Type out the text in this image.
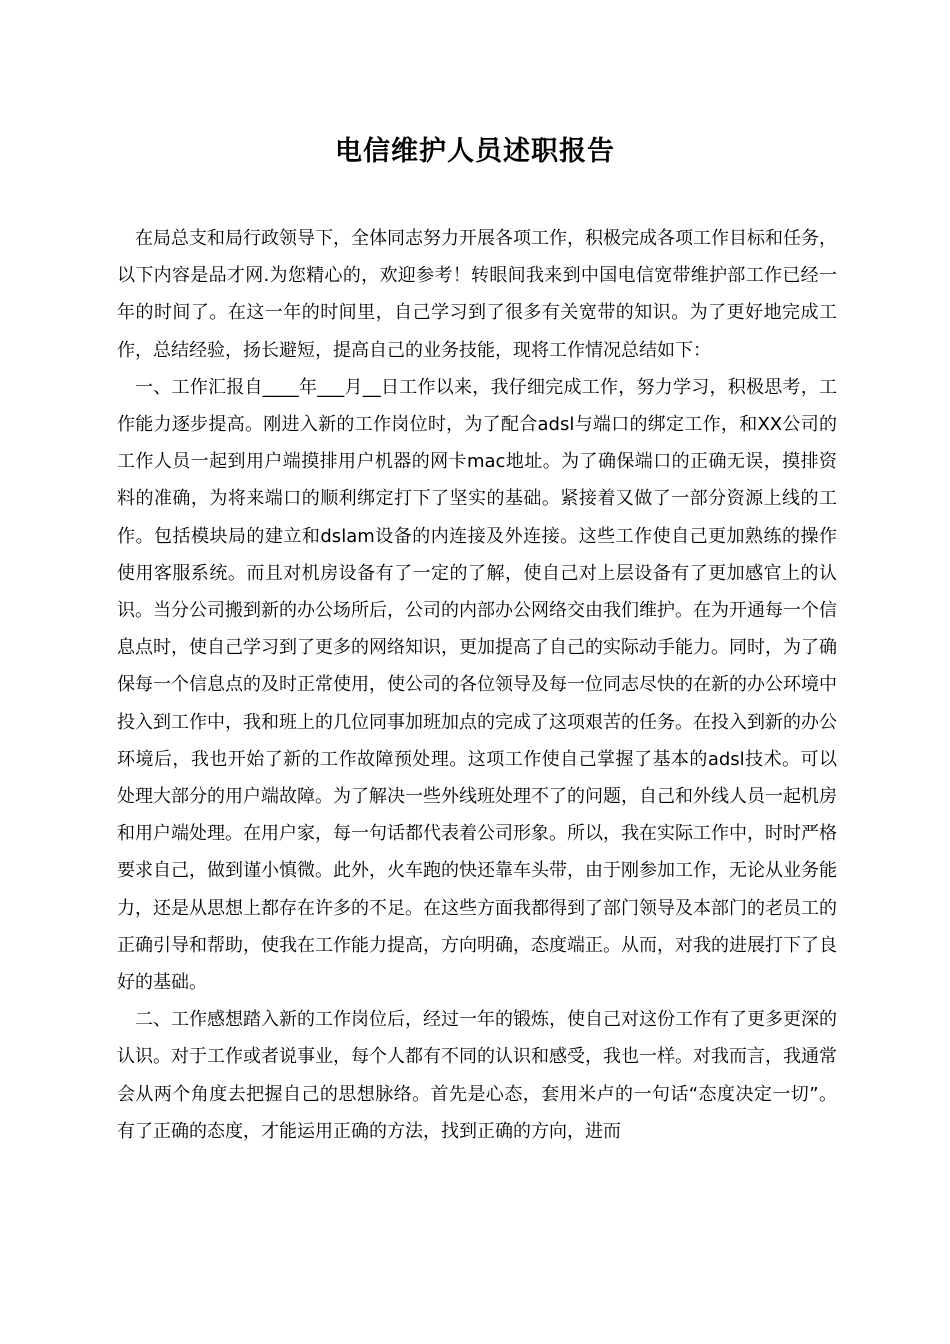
电信维护人员述职报告

在局总支和局行政领导下，全体同志努力开展各项工作，积极完成各项工作目标和任务，以下内容是品才网.为您精心的，欢迎参考！转眼间我来到中国电信宽带维护部工作已经一年的时间了。在这一年的时间里，自己学习到了很多有关宽带的知识。为了更好地完成工作，总结经验，扬长避短，提高自己的业务技能，现将工作情况总结如下：

一、工作汇报自____年___月__日工作以来，我仔细完成工作，努力学习，积极思考，工作能力逐步提高。刚进入新的工作岗位时，为了配合adsl与端口的绑定工作，和XX公司的工作人员一起到用户端摸排用户机器的网卡mac地址。为了确保端口的正确无误，摸排资料的准确，为将来端口的顺利绑定打下了坚实的基础。紧接着又做了一部分资源上线的工作。包括模块局的建立和dslam设备的内连接及外连接。这些工作使自己更加熟练的操作使用客服系统。而且对机房设备有了一定的了解，使自己对上层设备有了更加感官上的认识。当分公司搬到新的办公场所后，公司的内部办公网络交由我们维护。在为开通每一个信息点时，使自己学习到了更多的网络知识，更加提高了自己的实际动手能力。同时，为了确保每一个信息点的及时正常使用，使公司的各位领导及每一位同志尽快的在新的办公环境中投入到工作中，我和班上的几位同事加班加点的完成了这项艰苦的任务。在投入到新的办公环境后，我也开始了新的工作故障预处理。这项工作使自己掌握了基本的adsl技术。可以处理大部分的用户端故障。为了解决一些外线班处理不了的问题，自己和外线人员一起机房和用户端处理。在用户家，每一句话都代表着公司形象。所以，我在实际工作中，时时严格要求自己，做到谨小慎微。此外，火车跑的快还靠车头带，由于刚参加工作，无论从业务能力，还是从思想上都存在许多的不足。在这些方面我都得到了部门领导及本部门的老员工的正确引导和帮助，使我在工作能力提高，方向明确，态度端正。从而，对我的进展打下了良好的基础。

二、工作感想踏入新的工作岗位后，经过一年的锻炼，使自己对这份工作有了更多更深的认识。对于工作或者说事业，每个人都有不同的认识和感受，我也一样。对我而言，我通常会从两个角度去把握自己的思想脉络。首先是心态，套用米卢的一句话“态度决定一切”。有了正确的态度，才能运用正确的方法，找到正确的方向，进而
